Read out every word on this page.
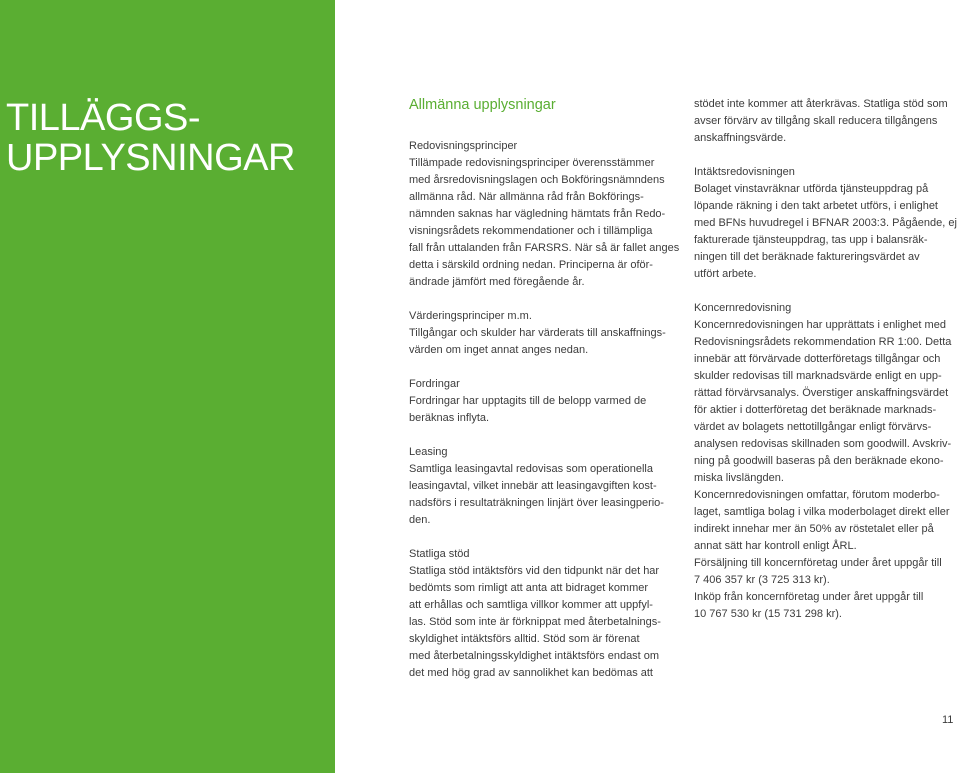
TILLÄGGS-
UPPLYSNINGAR
Allmänna upplysningar

Redovisningsprinciper

Tillämpade redovisningsprinciper överensstämmer
med årsredovisningslagen och Bokföringsnämndens
allmänna råd. När allmänna råd från Bokförings-
nämnden saknas har vägledning hämtats från Redo-
visningsrådets rekommendationer och i tillämpliga
fall från uttalanden från FARSRS. När så är fallet anges
detta i särskild ordning nedan. Principerna är oför-
ändrade jämfört med föregående år.

Värderingsprinciper m.m.

Tillgångar och skulder har värderats till anskaffnings-
värden om inget annat anges nedan.

Fordringar

Fordringar har upptagits till de belopp varmed de
beräknas inflyta.

Leasing

Samtliga leasingavtal redovisas som operationella
leasingavtal, vilket innebär att leasingavgiften kost-
nadsförs i resultaträkningen linjärt över leasingperio-
den.

Statliga stöd

Statliga stöd intäktsförs vid den tidpunkt när det har
bedömts som rimligt att anta att bidraget kommer
att erhållas och samtliga villkor kommer att uppfyl-
las. Stöd som inte är förknippat med återbetalnings-
skyldighet intäktsförs alltid. Stöd som är förenat
med återbetalningsskyldighet intäktsförs endast om
det med hög grad av sannolikhet kan bedömas att

stödet inte kommer att återkrävas. Statliga stöd som
avser förvärv av tillgång skall reducera tillgångens
anskaffningsvärde.

Intäktsredovisningen

Bolaget vinstavräknar utförda tjänsteuppdrag på
löpande räkning i den takt arbetet utförs, i enlighet
med BFNs huvudregel i BFNAR 2003:3. Pågående, ej
fakturerade tjänsteuppdrag, tas upp i balansräk-
ningen till det beräknade faktureringsvärdet av
utfört arbete.

Koncernredovisning

Koncernredovisningen har upprättats i enlighet med
Redovisningsrådets rekommendation RR 1:00. Detta
innebär att förvärvade dotterföretags tillgångar och
skulder redovisas till marknadsvärde enligt en upp-
rättad förvärvsanalys. Överstiger anskaffningsvärdet
för aktier i dotterföretag det beräknade marknads-
värdet av bolagets nettotillgångar enligt förvärvs-
analysen redovisas skillnaden som goodwill. Avskriv-
ning på goodwill baseras på den beräknade ekono-
miska livslängden.
Koncernredovisningen omfattar, förutom moderbo-
laget, samtliga bolag i vilka moderbolaget direkt eller
indirekt innehar mer än 50% av röstetalet eller på
annat sätt har kontroll enligt ÅRL.
Försäljning till koncernföretag under året uppgår till
7 406 357 kr (3 725 313 kr).
Inköp från koncernföretag under året uppgår till
10 767 530 kr (15 731 298 kr).

11
